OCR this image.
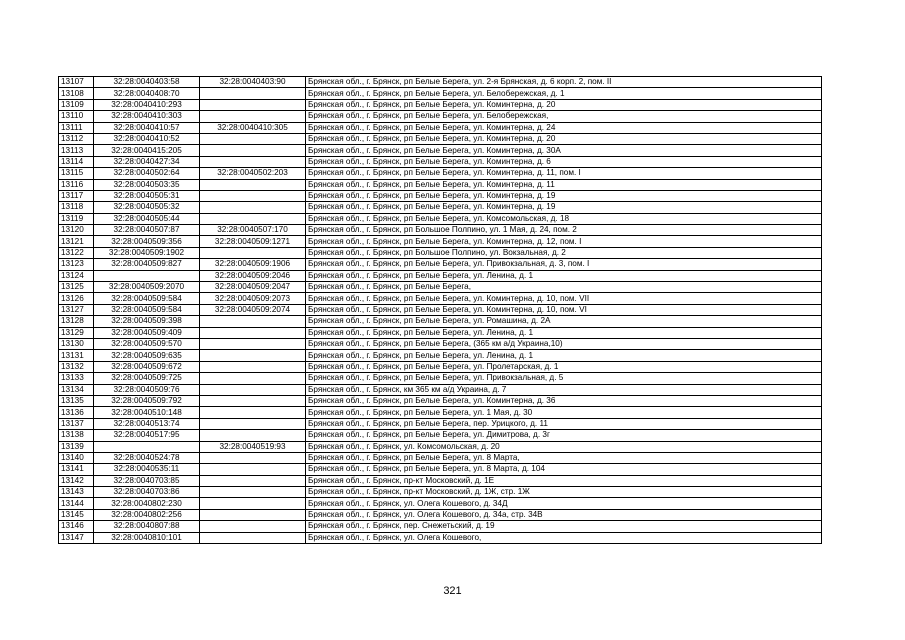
13107	32:28:0040403:58	32:28:0040403:90	Брянская обл., г. Брянск, рп Белые Берега, ул. 2-я Брянская, д. 6 корп. 2, пом. II
13108	32:28:0040408:70		Брянская обл., г. Брянск, рп Белые Берега, ул. Белобережская, д. 1
13109	32:28:0040410:293		Брянская обл., г. Брянск, рп Белые Берега, ул. Коминтерна, д. 20
13110	32:28:0040410:303		Брянская обл., г. Брянск, рп Белые Берега, ул. Белобережская,
13111	32:28:0040410:57	32:28:0040410:305	Брянская обл., г. Брянск, рп Белые Берега, ул. Коминтерна, д. 24
13112	32:28:0040410:52		Брянская обл., г. Брянск, рп Белые Берега, ул. Коминтерна, д. 20
13113	32:28:0040415:205		Брянская обл., г. Брянск, рп Белые Берега, ул. Коминтерна, д. 30А
13114	32:28:0040427:34		Брянская обл., г. Брянск, рп Белые Берега, ул. Коминтерна, д. 6
13115	32:28:0040502:64	32:28:0040502:203	Брянская обл., г. Брянск, рп Белые Берега, ул. Коминтерна, д. 11, пом. I
13116	32:28:0040503:35		Брянская обл., г. Брянск, рп Белые Берега, ул. Коминтерна, д. 11
13117	32:28:0040505:31		Брянская обл., г. Брянск, рп Белые Берега, ул. Коминтерна, д. 19
13118	32:28:0040505:32		Брянская обл., г. Брянск, рп Белые Берега, ул. Коминтерна, д. 19
13119	32:28:0040505:44		Брянская обл., г. Брянск, рп Белые Берега, ул. Комсомольская, д. 18
13120	32:28:0040507:87	32:28:0040507:170	Брянская обл., г. Брянск, рп Большое Полпино, ул. 1 Мая, д. 24, пом. 2
13121	32:28:0040509:356	32:28:0040509:1271	Брянская обл., г. Брянск, рп Белые Берега, ул. Коминтерна, д. 12, пом. I
13122	32:28:0040509:1902		Брянская обл., г. Брянск, рп Большое Полпино, ул. Вокзальная, д. 2
13123	32:28:0040509:827	32:28:0040509:1906	Брянская обл., г. Брянск, рп Белые Берега, ул. Привокзальная, д. 3, пом. I
13124		32:28:0040509:2046	Брянская обл., г. Брянск, рп Белые Берега, ул. Ленина, д. 1
13125	32:28:0040509:2070	32:28:0040509:2047	Брянская обл., г. Брянск, рп Белые Берега,
13126	32:28:0040509:584	32:28:0040509:2073	Брянская обл., г. Брянск, рп Белые Берега, ул. Коминтерна, д. 10, пом. VII
13127	32:28:0040509:584	32:28:0040509:2074	Брянская обл., г. Брянск, рп Белые Берега, ул. Коминтерна, д. 10, пом. VI
13128	32:28:0040509:398		Брянская обл., г. Брянск, рп Белые Берега, ул. Ромашина, д. 2А
13129	32:28:0040509:409		Брянская обл., г. Брянск, рп Белые Берега, ул. Ленина, д. 1
13130	32:28:0040509:570		Брянская обл., г. Брянск, рп Белые Берега, (365 км а/д Украина,10)
13131	32:28:0040509:635		Брянская обл., г. Брянск, рп Белые Берега, ул. Ленина, д. 1
13132	32:28:0040509:672		Брянская обл., г. Брянск, рп Белые Берега, ул. Пролетарская, д. 1
13133	32:28:0040509:725		Брянская обл., г. Брянск, рп Белые Берега, ул. Привокзальная, д. 5
13134	32:28:0040509:76		Брянская обл., г. Брянск, км 365 км а/д Украина, д. 7
13135	32:28:0040509:792		Брянская обл., г. Брянск, рп Белые Берега, ул. Коминтерна, д. 36
13136	32:28:0040510:148		Брянская обл., г. Брянск, рп Белые Берега, ул. 1 Мая, д. 30
13137	32:28:0040513:74		Брянская обл., г. Брянск, рп Белые Берега, пер. Урицкого, д. 11
13138	32:28:0040517:95		Брянская обл., г. Брянск, рп Белые Берега, ул. Димитрова, д. 3г
13139		32:28:0040519:93	Брянская обл., г. Брянск, ул. Комсомольская, д. 20
13140	32:28:0040524:78		Брянская обл., г. Брянск, рп Белые Берега, ул. 8 Марта,
13141	32:28:0040535:11		Брянская обл., г. Брянск, рп Белые Берега, ул. 8 Марта, д. 104
13142	32:28:0040703:85		Брянская обл., г. Брянск, пр-кт Московский, д. 1Е
13143	32:28:0040703:86		Брянская обл., г. Брянск, пр-кт Московский, д. 1Ж, стр. 1Ж
13144	32:28:0040802:230		Брянская обл., г. Брянск, ул. Олега Кошевого, д. 34Д
13145	32:28:0040802:256		Брянская обл., г. Брянск, ул. Олега Кошевого, д. 34а, стр. 34В
13146	32:28:0040807:88		Брянская обл., г. Брянск, пер. Снежетьский, д. 19
13147	32:28:0040810:101		Брянская обл., г. Брянск, ул. Олега Кошевого,
321
